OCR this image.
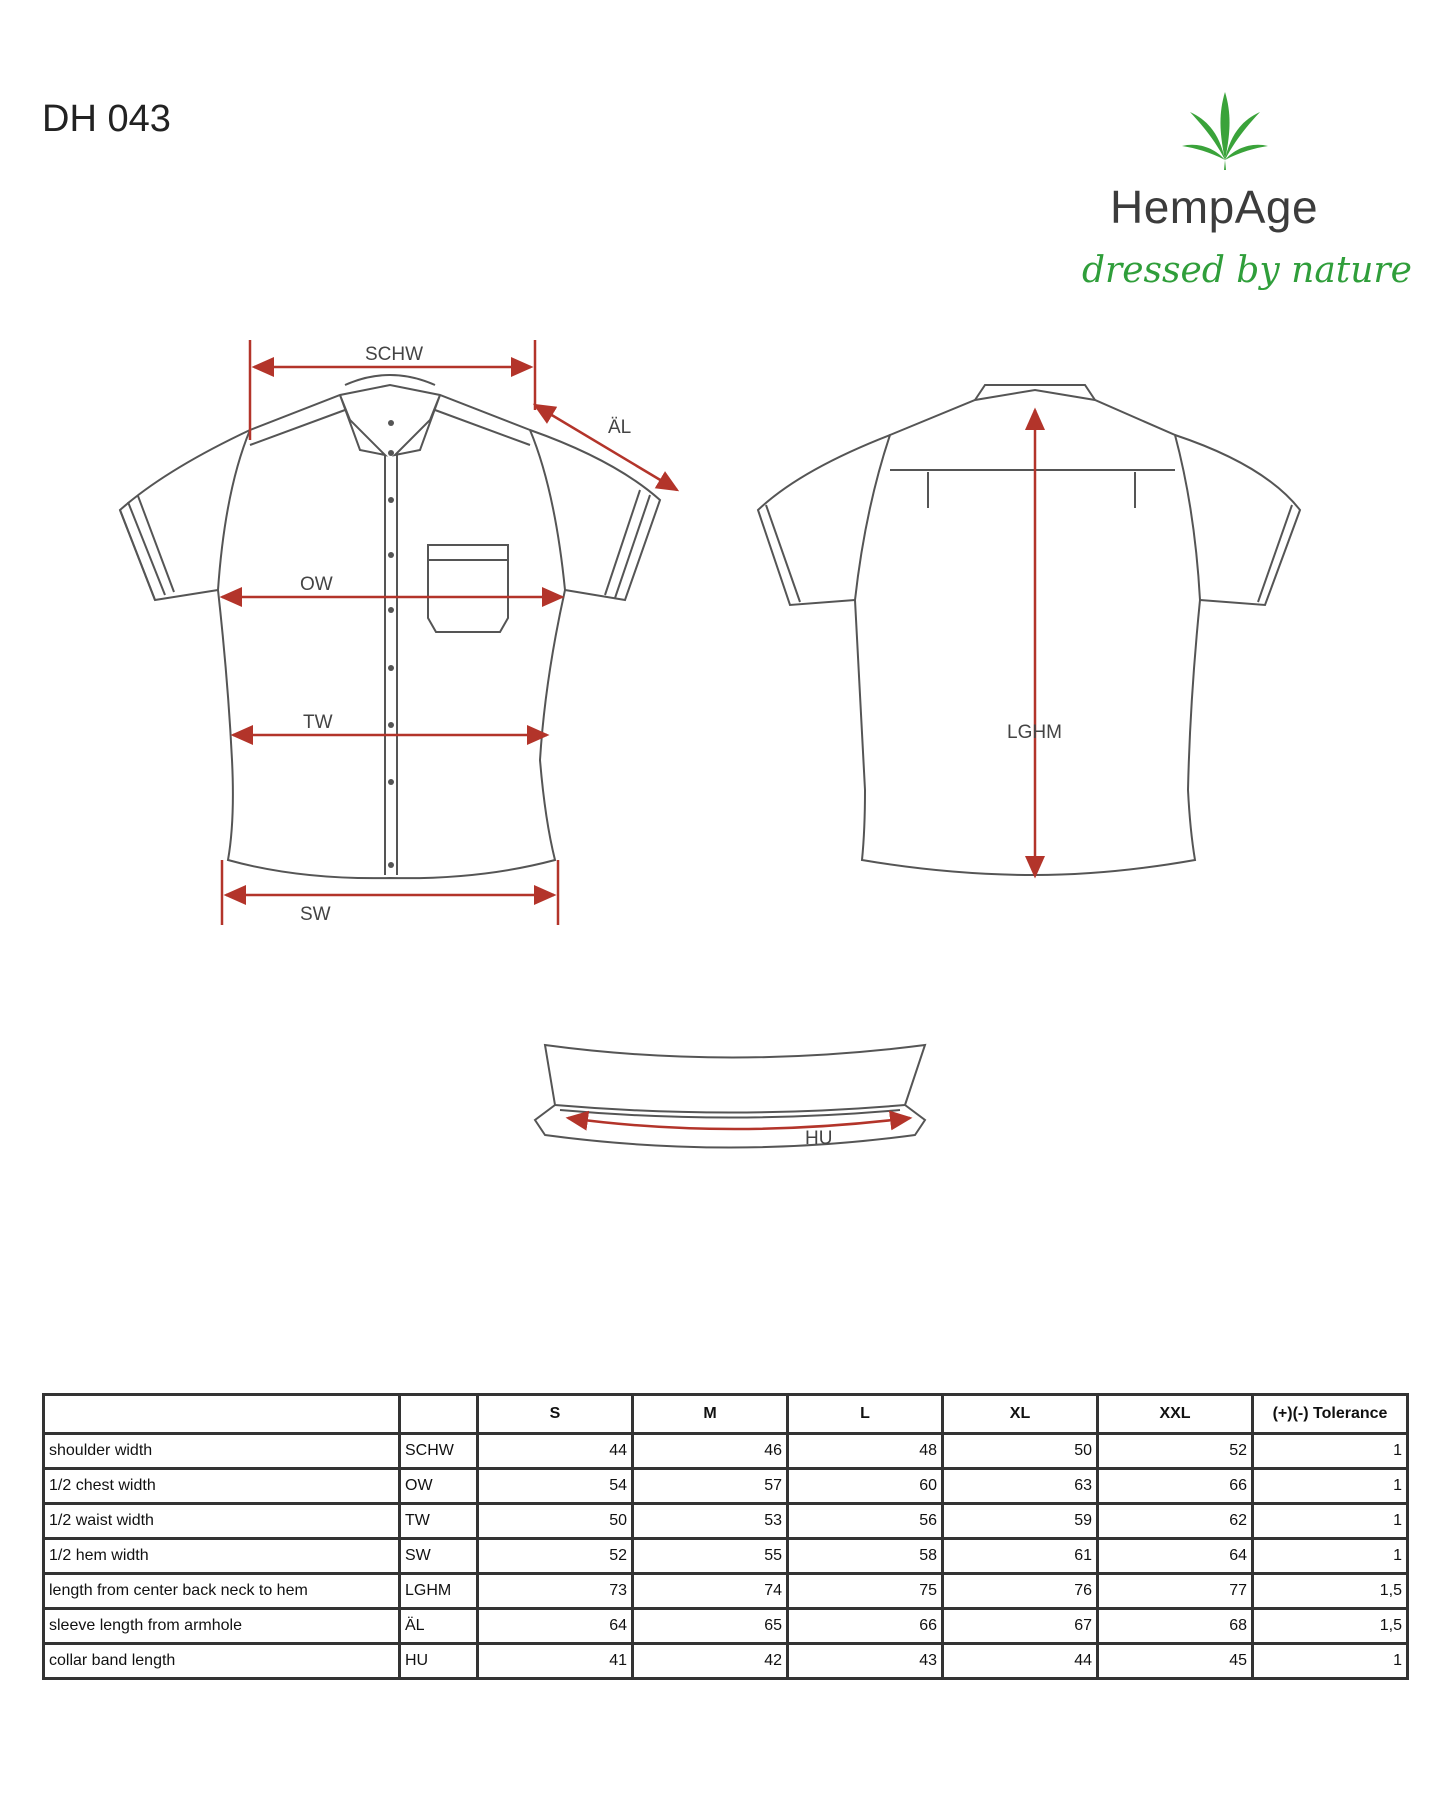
DH 043
HempAge
dressed by nature
SCHW
ÄL
OW
TW
SW
LGHM
HU
		S	M	L	XL	XXL	(+)(-) Tolerance
shoulder width	SCHW	44	46	48	50	52	1
1/2 chest width	OW	54	57	60	63	66	1
1/2 waist width	TW	50	53	56	59	62	1
1/2 hem width	SW	52	55	58	61	64	1
length from center back neck to hem	LGHM	73	74	75	76	77	1,5
sleeve length from armhole	ÄL	64	65	66	67	68	1,5
collar band length	HU	41	42	43	44	45	1
